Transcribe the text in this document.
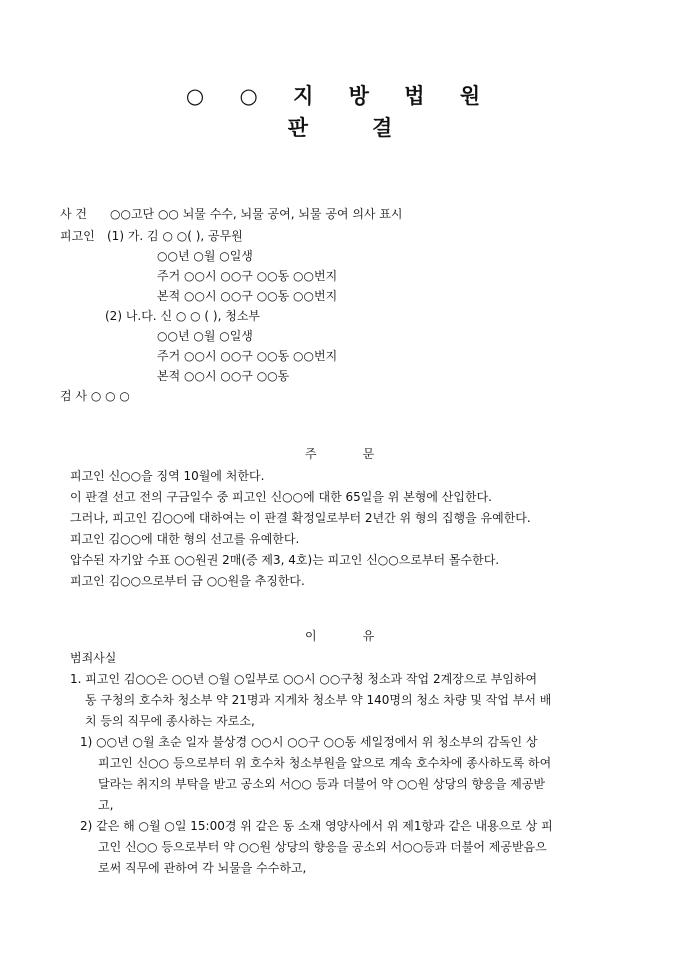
○ ○ 지 방 법 원
판	결
사 건 ○○고단 ○○ 뇌물 수수, 뇌물 공여, 뇌물 공여 의사 표시
피고인 (1) 가. 김 ○ ○( ), 공무원
○○년 ○월 ○일생
주거 ○○시 ○○구 ○○동 ○○번지
본적 ○○시 ○○구 ○○동 ○○번지
(2) 나.다. 신 ○ ○ ( ), 청소부
○○년 ○월 ○일생
주거 ○○시 ○○구 ○○동 ○○번지
본적 ○○시 ○○구 ○○동
검 사 ○ ○ ○
주	문
피고인 신○○을 징역 10월에 처한다.
이 판결 선고 전의 구금일수 중 피고인 신○○에 대한 65일을 위 본형에 산입한다.
그러나, 피고인 김○○에 대하여는 이 판결 확정일로부터 2년간 위 형의 집행을 유예한다.
피고인 김○○에 대한 형의 선고를 유예한다.
압수된 자기앞 수표 ○○원권 2매(증 제3, 4호)는 피고인 신○○으로부터 몰수한다.
피고인 김○○으로부터 금 ○○원을 추징한다.
이	유
범죄사실
1. 피고인 김○○은 ○○년 ○월 ○일부로 ○○시 ○○구청 청소과 작업 2계장으로 부임하여
동 구청의 호수차 청소부 약 21명과 지게차 청소부 약 140명의 청소 차량 및 작업 부서 배
치 등의 직무에 종사하는 자로소,
1) ○○년 ○월 초순 일자 불상경 ○○시 ○○구 ○○동 세일정에서 위 청소부의 감독인 상
피고인 신○○ 등으로부터 위 호수차 청소부원을 앞으로 계속 호수차에 종사하도록 하여
달라는 취지의 부탁을 받고 공소외 서○○ 등과 더불어 약 ○○원 상당의 향응을 제공받
고,
2) 같은 해 ○월 ○일 15:00경 위 같은 동 소재 영양사에서 위 제1항과 같은 내용으로 상 피
고인 신○○ 등으로부터 약 ○○원 상당의 향응을 공소외 서○○등과 더불어 제공받음으
로써 직무에 관하여 각 뇌물을 수수하고,
